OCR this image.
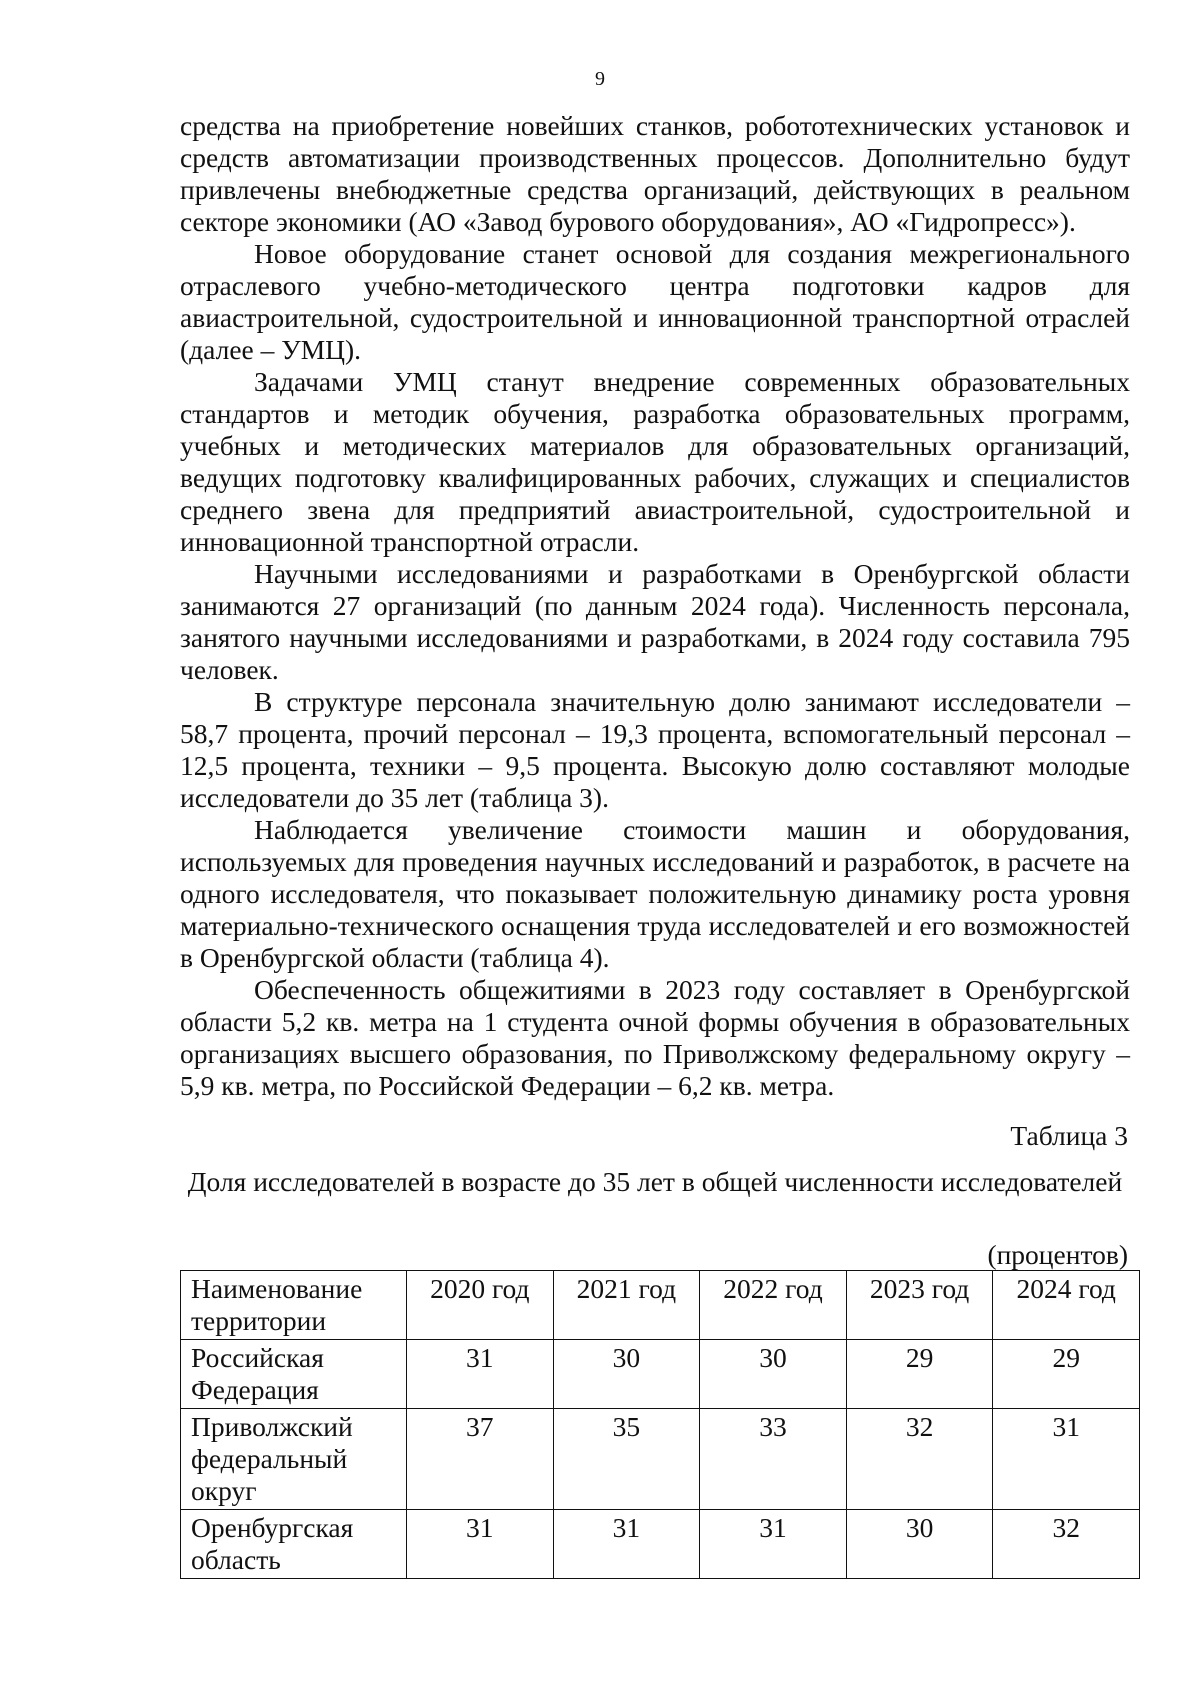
9

средства на приобретение новейших станков, робототехнических установок и средств автоматизации производственных процессов. Дополнительно будут привлечены внебюджетные средства организаций, действующих в реальном секторе экономики (АО «Завод бурового оборудования», АО «Гидропресс»).

Новое оборудование станет основой для создания межрегионального отраслевого учебно-методического центра подготовки кадров для авиастроительной, судостроительной и инновационной транспортной отраслей (далее – УМЦ).

Задачами УМЦ станут внедрение современных образовательных стандартов и методик обучения, разработка образовательных программ, учебных и методических материалов для образовательных организаций, ведущих подготовку квалифицированных рабочих, служащих и специалистов среднего звена для предприятий авиастроительной, судостроительной и инновационной транспортной отрасли.

Научными исследованиями и разработками в Оренбургской области занимаются 27 организаций (по данным 2024 года). Численность персонала, занятого научными исследованиями и разработками, в 2024 году составила 795 человек.

В структуре персонала значительную долю занимают исследователи – 58,7 процента, прочий персонал – 19,3 процента, вспомогательный персонал – 12,5 процента, техники – 9,5 процента. Высокую долю составляют молодые исследователи до 35 лет (таблица 3).

Наблюдается увеличение стоимости машин и оборудования, используемых для проведения научных исследований и разработок, в расчете на одного исследователя, что показывает положительную динамику роста уровня материально-технического оснащения труда исследователей и его возможностей в Оренбургской области (таблица 4).

Обеспеченность общежитиями в 2023 году составляет в Оренбургской области 5,2 кв. метра на 1 студента очной формы обучения в образовательных организациях высшего образования, по Приволжскому федеральному округу – 5,9 кв. метра, по Российской Федерации – 6,2 кв. метра.

Таблица 3
Доля исследователей в возрасте до 35 лет в общей численности исследователей
(процентов)
Наименование территории	2020 год	2021 год	2022 год	2023 год	2024 год
Российская Федерация	31	30	30	29	29
Приволжский федеральный округ	37	35	33	32	31
Оренбургская область	31	31	31	30	32
